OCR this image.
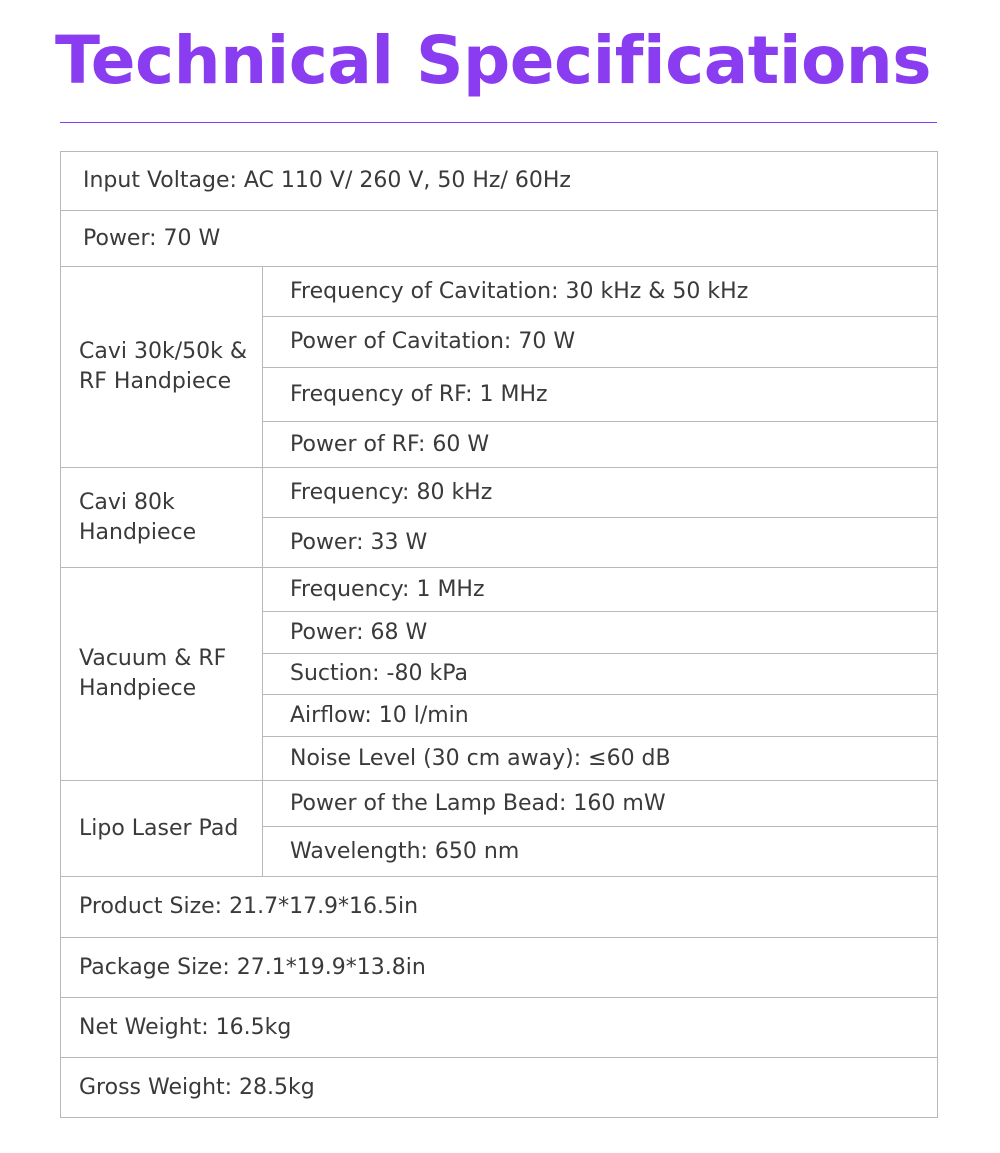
Technical Specifications
Input Voltage: AC 110 V/ 260 V, 50 Hz/ 60Hz	
Power: 70 W	
Cavi 30k/50k & RF Handpiece	Frequency of Cavitation: 30 kHz & 50 kHz
	Power of Cavitation: 70 W
	Frequency of RF: 1 MHz
	Power of RF: 60 W
Cavi 80k Handpiece	Frequency: 80 kHz
	Power: 33 W
Vacuum & RF Handpiece	Frequency: 1 MHz
	Power: 68 W
	Suction: -80 kPa
	Airflow: 10 l/min
	Noise Level (30 cm away): ≤60 dB
Lipo Laser Pad	Power of the Lamp Bead: 160 mW
	Wavelength: 650 nm
Product Size: 21.7*17.9*16.5in	
Package Size: 27.1*19.9*13.8in	
Net Weight: 16.5kg	
Gross Weight: 28.5kg	
